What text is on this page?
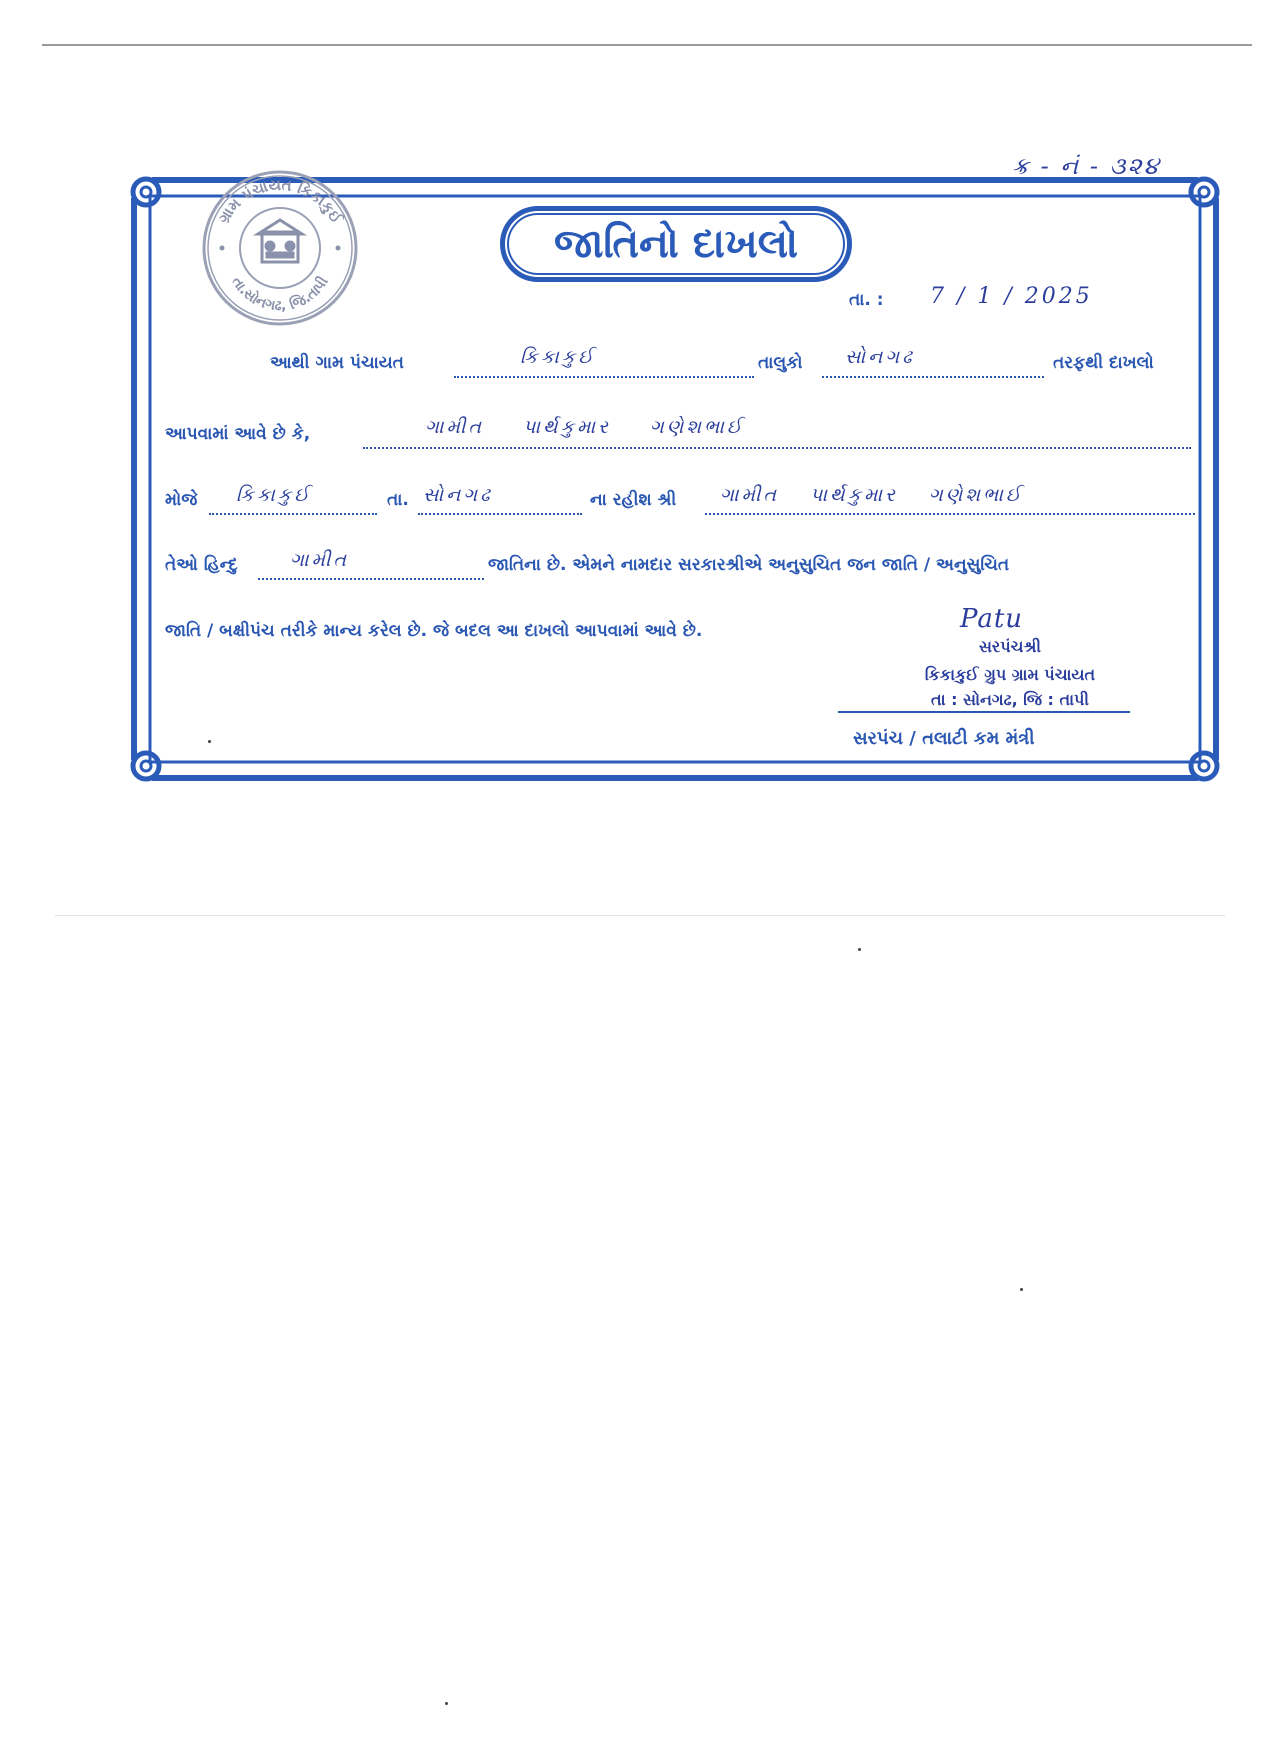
ક્ર - નં - ૩૨૪
ગ્રામ પંચાયત કિકાકુઈ
તા.સોનગઢ, જિ.તાપી
જાતિનો દાખલો
તા. : 7 / 1 / 2025
આથી ગામ પંચાયત	કિકાકુઈ	તાલુકો સોનગઢ	તરફથી દાખલો
આપવામાં આવે છે કે,	ગામીત પાર્થકુમાર ગણેશભાઈ
મોજે કિકાકુઈ	તા. સોનગઢ	ના રહીશ શ્રી ગામીત પાર્થકુમાર ગણેશભાઈ
તેઓ હિન્દુ	ગામીત	જાતિના છે. એમને નામદાર સરકારશ્રીએ અનુસુચિત જન જાતિ / અનુસુચિત
જાતિ / બક્ષીપંચ તરીકે માન્ય કરેલ છે. જે બદલ આ દાખલો આપવામાં આવે છે.	Patu
સરપંચશ્રી
કિકાકુઈ ગ્રુપ ગ્રામ પંચાયત
તા : સોનગઢ, જિ : તાપી
સરપંચ / તલાટી કમ મંત્રી
